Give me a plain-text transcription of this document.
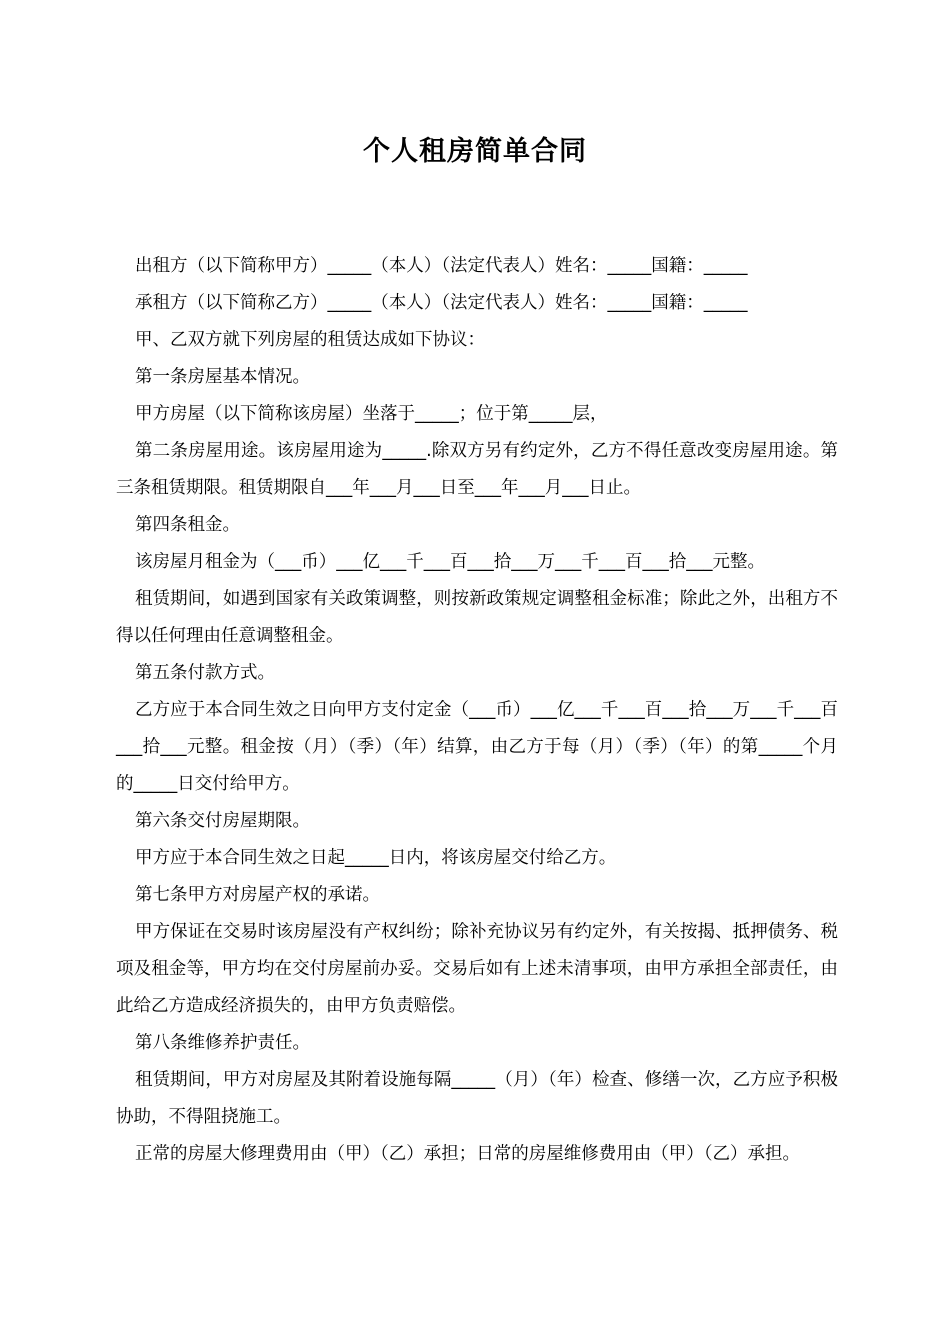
个人租房简单合同

出租方（以下简称甲方）_____（本人）（法定代表人）姓名：_____国籍：_____

承租方（以下简称乙方）_____（本人）（法定代表人）姓名：_____国籍：_____

甲、乙双方就下列房屋的租赁达成如下协议：

第一条房屋基本情况。

甲方房屋（以下简称该房屋）坐落于_____；位于第_____层，

第二条房屋用途。该房屋用途为_____.除双方另有约定外，乙方不得任意改变房屋用途。第三条租赁期限。租赁期限自___年___月___日至___年___月___日止。

第四条租金。

该房屋月租金为（___币）___亿___千___百___拾___万___千___百___拾___元整。

租赁期间，如遇到国家有关政策调整，则按新政策规定调整租金标准；除此之外，出租方不得以任何理由任意调整租金。

第五条付款方式。

乙方应于本合同生效之日向甲方支付定金（___币）___亿___千___百___拾___万___千___百___拾___元整。租金按（月）（季）（年）结算，由乙方于每（月）（季）（年）的第_____个月的_____日交付给甲方。

第六条交付房屋期限。

甲方应于本合同生效之日起_____日内，将该房屋交付给乙方。

第七条甲方对房屋产权的承诺。

甲方保证在交易时该房屋没有产权纠纷；除补充协议另有约定外，有关按揭、抵押债务、税项及租金等，甲方均在交付房屋前办妥。交易后如有上述未清事项，由甲方承担全部责任，由此给乙方造成经济损失的，由甲方负责赔偿。

第八条维修养护责任。

租赁期间，甲方对房屋及其附着设施每隔_____（月）（年）检查、修缮一次，乙方应予积极协助，不得阻挠施工。

正常的房屋大修理费用由（甲）（乙）承担；日常的房屋维修费用由（甲）（乙）承担。
